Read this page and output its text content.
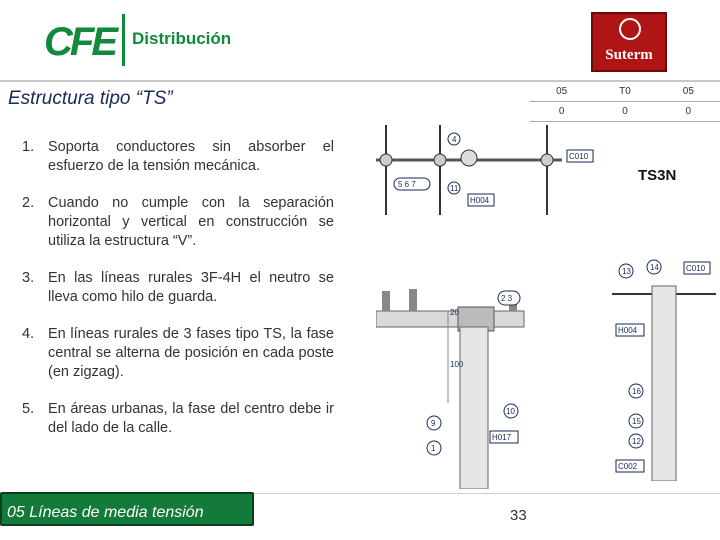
CFE Distribución
Suterm
Estructura tipo “TS”	05	T0	05
0	0	0
1. Soporta conductores sin absorber el esfuerzo de la tensión mecánica.
2. Cuando no cumple con la separación horizontal y vertical en construcción se utiliza la estructura “V”.
3. En las líneas rurales 3F-4H el neutro se lleva como hilo de guarda.
4. En líneas rurales de 3 fases tipo TS, la fase central se alterna de posición en cada poste (en zigzag).
5. En áreas urbanas, la fase del centro debe ir del lado de la calle.
4
C010
5 6 7	11
H004
TS3N
20
100
2 3
9
10
1
H017
13 14	C010
H004
16
15
12
C002
05 Líneas de media tensión	33
